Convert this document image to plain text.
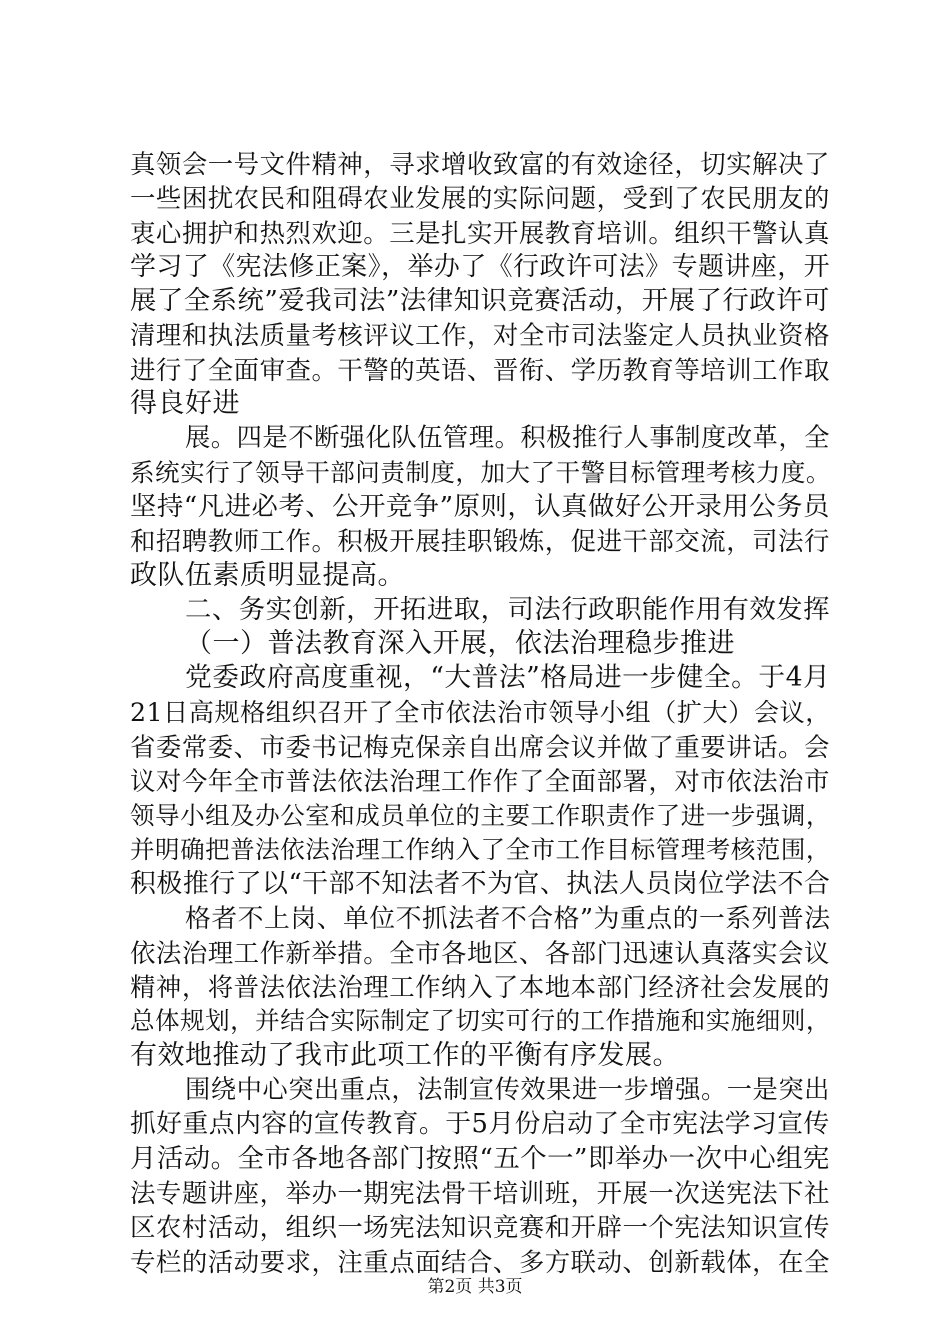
真领会一号文件精神，寻求增收致富的有效途径，切实解决了
一些困扰农民和阻碍农业发展的实际问题，受到了农民朋友的
衷心拥护和热烈欢迎。三是扎实开展教育培训。组织干警认真
学习了《宪法修正案》，举办了《行政许可法》专题讲座，开
展了全系统”爱我司法”法律知识竞赛活动，开展了行政许可
清理和执法质量考核评议工作，对全市司法鉴定人员执业资格
进行了全面审查。干警的英语、晋衔、学历教育等培训工作取
得良好进
展。四是不断强化队伍管理。积极推行人事制度改革，全
系统实行了领导干部问责制度，加大了干警目标管理考核力度。
坚持“凡进必考、公开竞争”原则，认真做好公开录用公务员
和招聘教师工作。积极开展挂职锻炼，促进干部交流，司法行
政队伍素质明显提高。
二、务实创新，开拓进取，司法行政职能作用有效发挥
（一）普法教育深入开展，依法治理稳步推进
党委政府高度重视，“大普法”格局进一步健全。于4月
21日高规格组织召开了全市依法治市领导小组（扩大）会议，
省委常委、市委书记梅克保亲自出席会议并做了重要讲话。会
议对今年全市普法依法治理工作作了全面部署，对市依法治市
领导小组及办公室和成员单位的主要工作职责作了进一步强调，
并明确把普法依法治理工作纳入了全市工作目标管理考核范围，
积极推行了以“干部不知法者不为官、执法人员岗位学法不合
格者不上岗、单位不抓法者不合格”为重点的一系列普法
依法治理工作新举措。全市各地区、各部门迅速认真落实会议
精神，将普法依法治理工作纳入了本地本部门经济社会发展的
总体规划，并结合实际制定了切实可行的工作措施和实施细则，
有效地推动了我市此项工作的平衡有序发展。
围绕中心突出重点，法制宣传效果进一步增强。一是突出
抓好重点内容的宣传教育。于5月份启动了全市宪法学习宣传
月活动。全市各地各部门按照“五个一”即举办一次中心组宪
法专题讲座，举办一期宪法骨干培训班，开展一次送宪法下社
区农村活动，组织一场宪法知识竞赛和开辟一个宪法知识宣传
专栏的活动要求，注重点面结合、多方联动、创新载体，在全
第2页 共3页
